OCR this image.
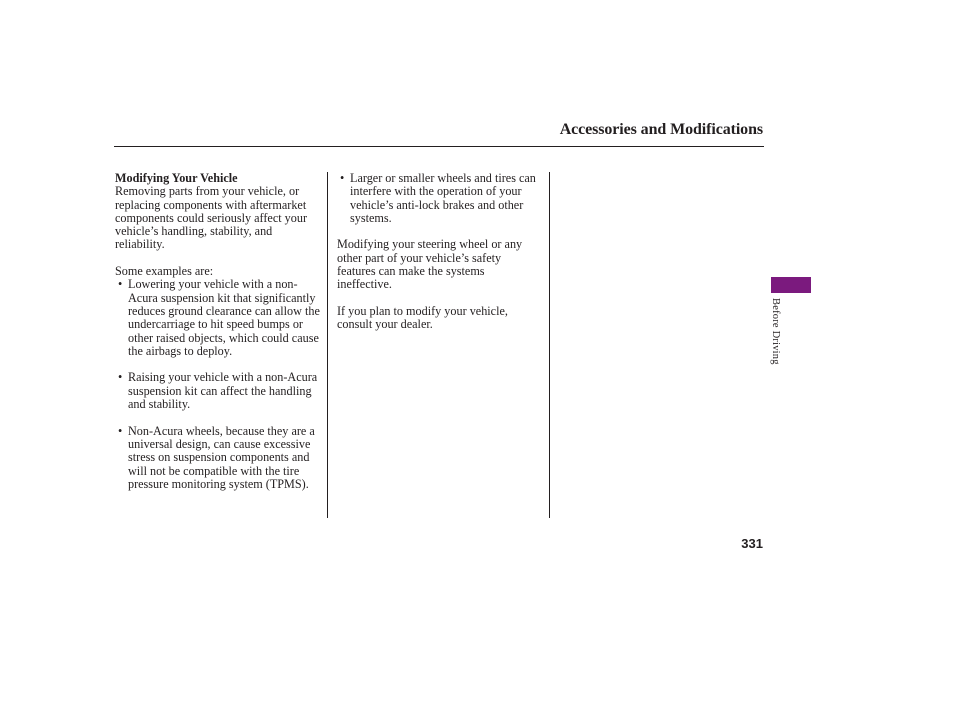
Accessories and Modifications
Modifying Your Vehicle

Removing parts from your vehicle, or replacing components with aftermarket components could seriously affect your vehicle’s handling, stability, and reliability.

Some examples are:

• Lowering your vehicle with a non-Acura suspension kit that significantly reduces ground clearance can allow the undercarriage to hit speed bumps or other raised objects, which could cause the airbags to deploy.
• Raising your vehicle with a non-Acura suspension kit can affect the handling and stability.
• Non-Acura wheels, because they are a universal design, can cause excessive stress on suspension components and will not be compatible with the tire pressure monitoring system (TPMS).
• Larger or smaller wheels and tires can interfere with the operation of your vehicle’s anti-lock brakes and other systems.

Modifying your steering wheel or any other part of your vehicle’s safety features can make the systems ineffective.

If you plan to modify your vehicle, consult your dealer.	Before Driving
331
